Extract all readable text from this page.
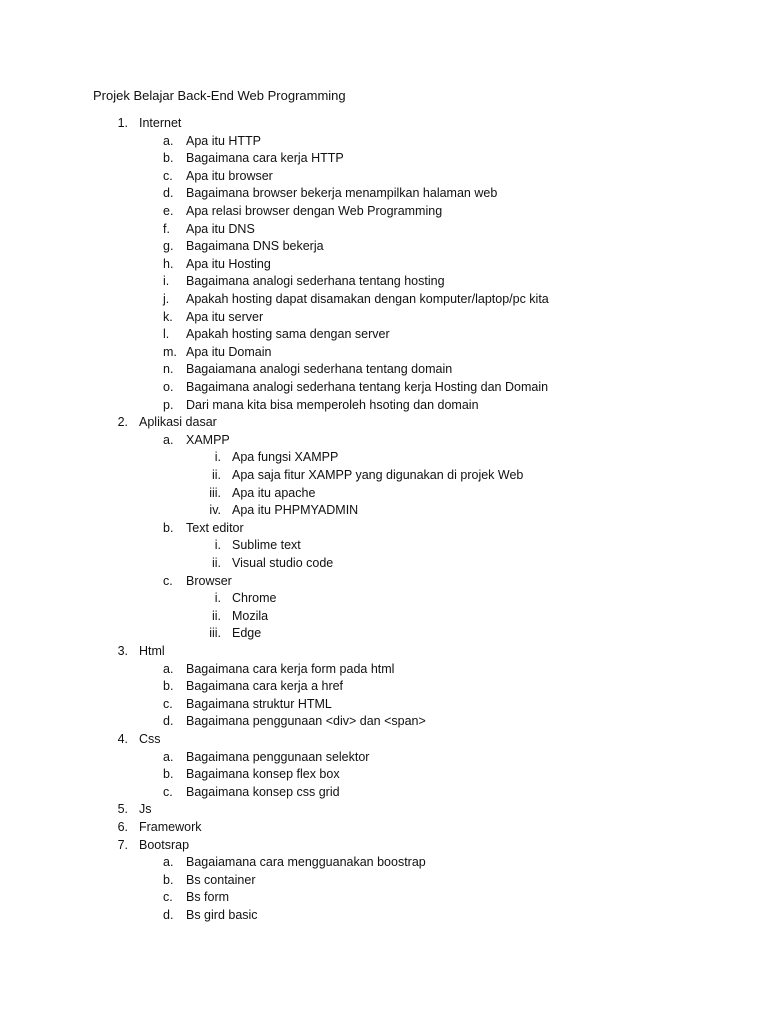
Projek Belajar Back-End Web Programming
1. Internet
a. Apa itu HTTP
b. Bagaimana cara kerja HTTP
c. Apa itu browser
d. Bagaimana browser bekerja menampilkan halaman web
e. Apa relasi browser dengan Web Programming
f.	Apa itu DNS
g. Bagaimana DNS bekerja
h. Apa itu Hosting
i.	Bagaimana analogi sederhana tentang hosting
j.	Apakah hosting dapat disamakan dengan komputer/laptop/pc kita
k. Apa itu server
l.	Apakah hosting sama dengan server
m. Apa itu Domain
n. Bagaiamana analogi sederhana tentang domain
o. Bagaimana analogi sederhana tentang kerja Hosting dan Domain
p. Dari mana kita bisa memperoleh hsoting dan domain
2. Aplikasi dasar
a. XAMPP
i. Apa fungsi XAMPP
ii. Apa saja fitur XAMPP yang digunakan di projek Web
iii. Apa itu apache
iv. Apa itu PHPMYADMIN
b. Text editor
i. Sublime text
ii. Visual studio code
c. Browser
i. Chrome
ii. Mozila
iii. Edge
3. Html
a. Bagaimana cara kerja form pada html
b. Bagaimana cara kerja a href
c. Bagaimana struktur HTML
d. Bagaimana penggunaan <div> dan <span>
4. Css
a. Bagaimana penggunaan selektor
b. Bagaimana konsep flex box
c. Bagaimana konsep css grid
5. Js
6. Framework
7. Bootsrap
a. Bagaiamana cara mengguanakan boostrap
b. Bs container
c. Bs form
d. Bs gird basic
